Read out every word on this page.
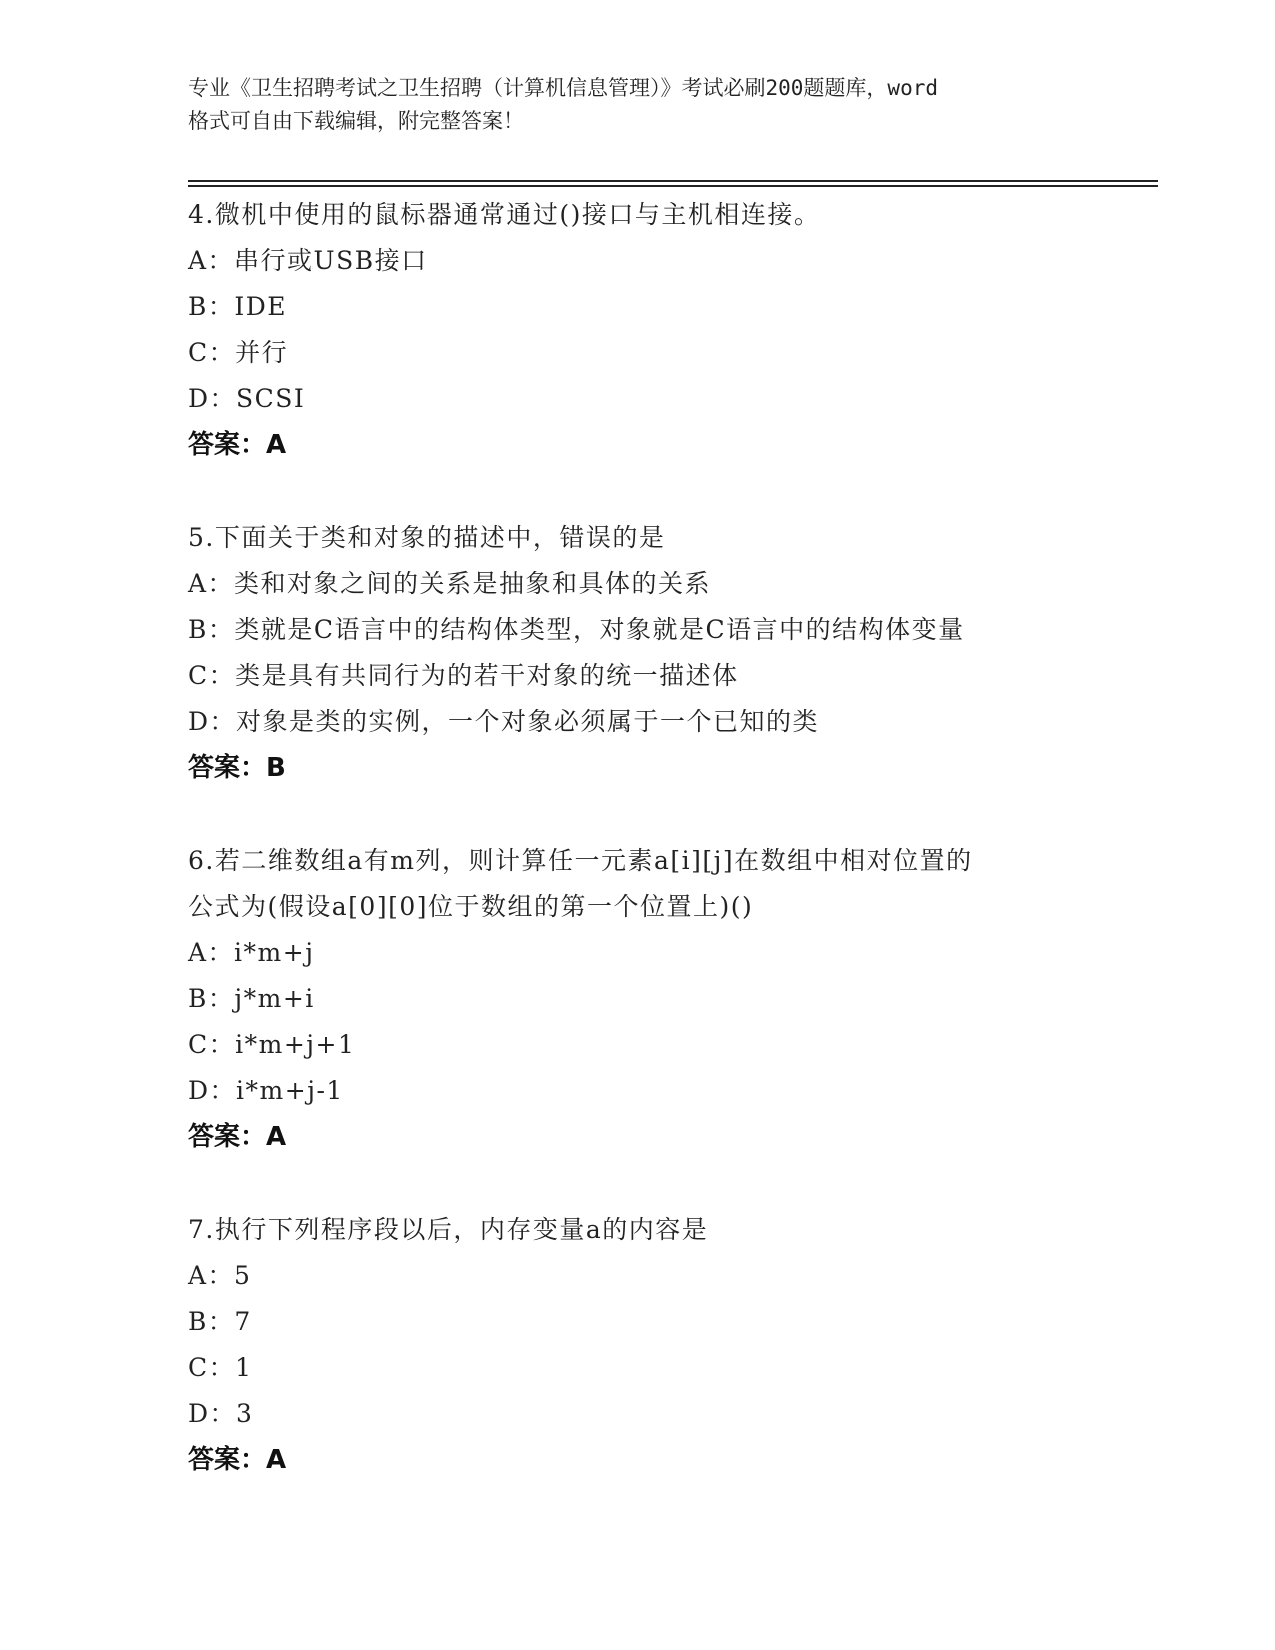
专业《卫生招聘考试之卫生招聘（计算机信息管理）》考试必刷200题题库，word
格式可自由下载编辑，附完整答案！
4.微机中使用的鼠标器通常通过()接口与主机相连接。
A：串行或USB接口
B：IDE
C：并行
D：SCSI
答案：A
5.下面关于类和对象的描述中，错误的是
A：类和对象之间的关系是抽象和具体的关系
B：类就是C语言中的结构体类型，对象就是C语言中的结构体变量
C：类是具有共同行为的若干对象的统一描述体
D：对象是类的实例，一个对象必须属于一个已知的类
答案：B
6.若二维数组a有m列，则计算任一元素a[i][j]在数组中相对位置的
公式为(假设a[0][0]位于数组的第一个位置上)()
A：i*m+j
B：j*m+i
C：i*m+j+1
D：i*m+j-1
答案：A
7.执行下列程序段以后，内存变量a的内容是
A：5
B：7
C：1
D：3
答案：A
